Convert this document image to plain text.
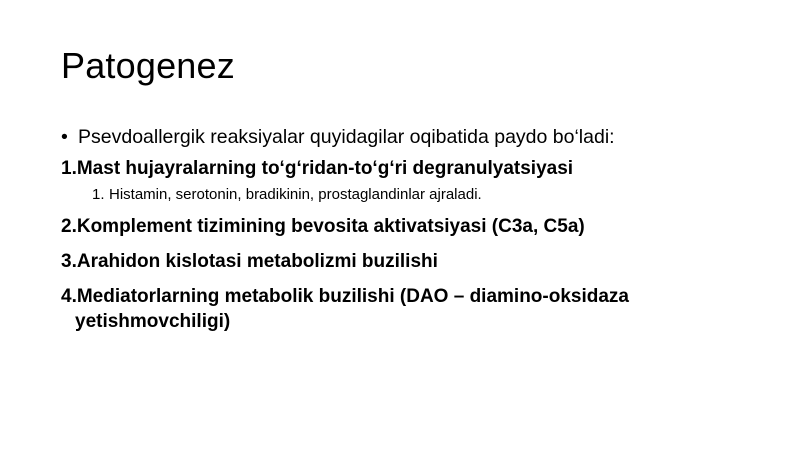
Patogenez
• Psevdoallergik reaksiyalar quyidagilar oqibatida paydo bo‘ladi:
1.Mast hujayralarning to‘g‘ridan-to‘g‘ri degranulyatsiyasi
1. Histamin, serotonin, bradikinin, prostaglandinlar ajraladi.
2.Komplement tizimining bevosita aktivatsiyasi (C3a, C5a)
3.Arahidon kislotasi metabolizmi buzilishi
4.Mediatorlarning metabolik buzilishi (DAO – diamino-oksidaza
yetishmovchiligi)
